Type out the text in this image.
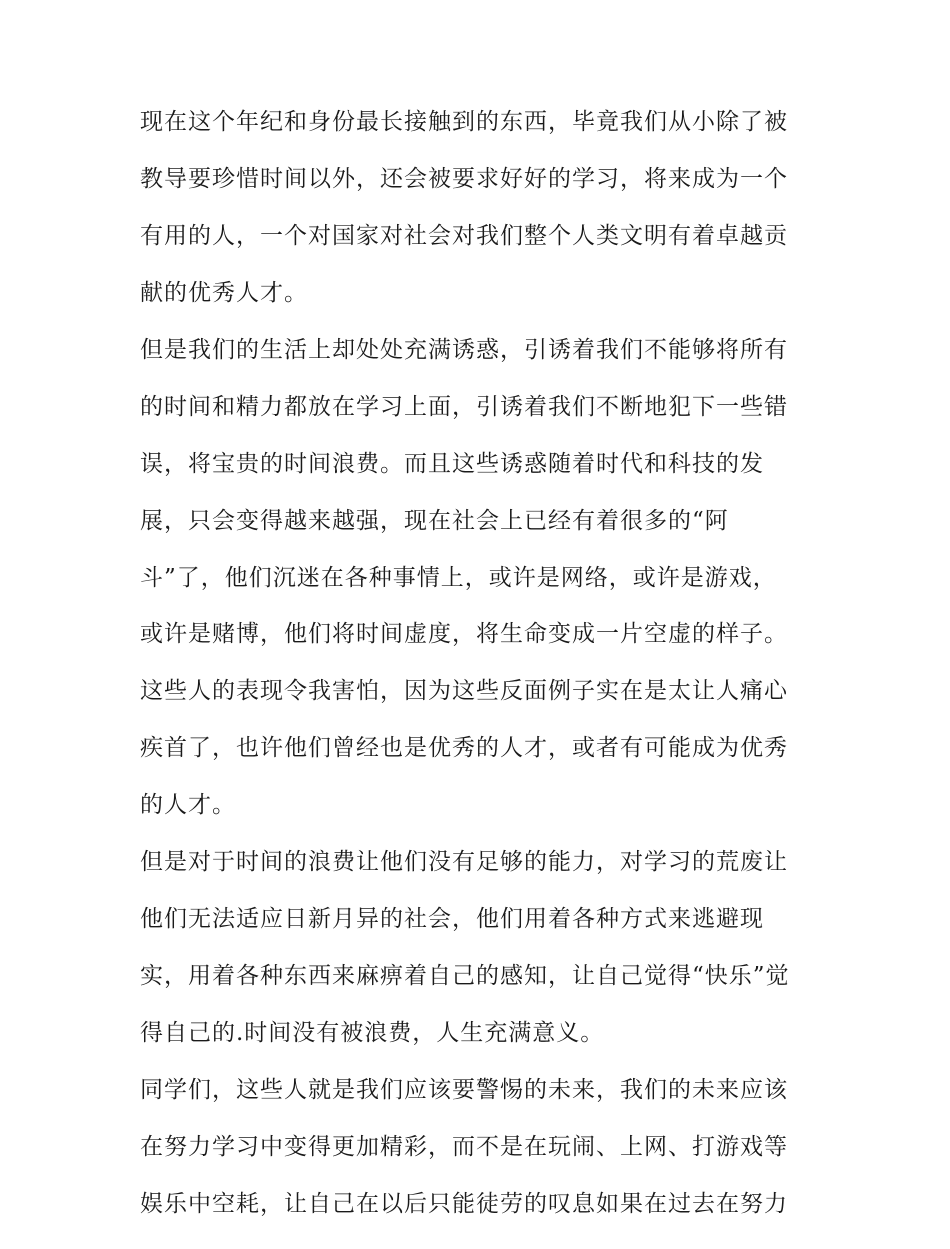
现在这个年纪和身份最长接触到的东西，毕竟我们从小除了被
教导要珍惜时间以外，还会被要求好好的学习，将来成为一个
有用的人，一个对国家对社会对我们整个人类文明有着卓越贡
献的优秀人才。
但是我们的生活上却处处充满诱惑，引诱着我们不能够将所有
的时间和精力都放在学习上面，引诱着我们不断地犯下一些错
误，将宝贵的时间浪费。而且这些诱惑随着时代和科技的发
展，只会变得越来越强，现在社会上已经有着很多的“阿
斗”了，他们沉迷在各种事情上，或许是网络，或许是游戏，
或许是赌博，他们将时间虚度，将生命变成一片空虚的样子。
这些人的表现令我害怕，因为这些反面例子实在是太让人痛心
疾首了，也许他们曾经也是优秀的人才，或者有可能成为优秀
的人才。
但是对于时间的浪费让他们没有足够的能力，对学习的荒废让
他们无法适应日新月异的社会，他们用着各种方式来逃避现
实，用着各种东西来麻痹着自己的感知，让自己觉得“快乐”觉
得自己的.时间没有被浪费，人生充满意义。
同学们，这些人就是我们应该要警惕的未来，我们的未来应该
在努力学习中变得更加精彩，而不是在玩闹、上网、打游戏等
娱乐中空耗，让自己在以后只能徒劳的叹息如果在过去在努力
